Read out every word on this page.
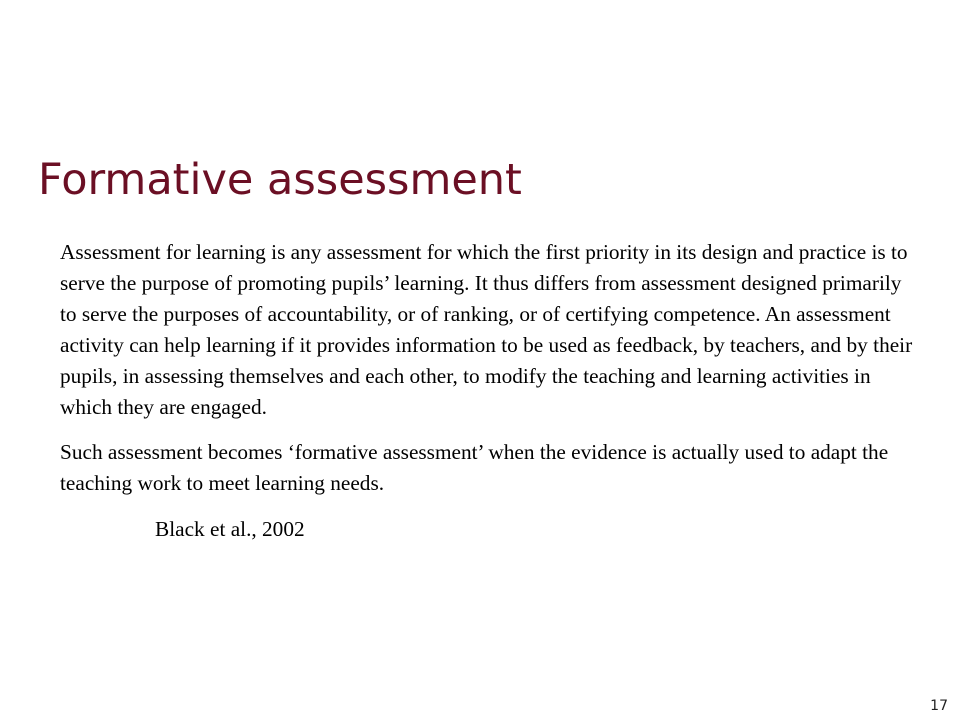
Formative assessment

Assessment for learning is any assessment for which the first priority in its design and practice is to serve the purpose of promoting pupils’ learning. It thus differs from assessment designed primarily to serve the purposes of accountability, or of ranking, or of certifying competence. An assessment activity can help learning if it provides information to be used as feedback, by teachers, and by their pupils, in assessing themselves and each other, to modify the teaching and learning activities in which they are engaged.

Such assessment becomes ‘formative assessment’ when the evidence is actually used to adapt the teaching work to meet learning needs.

Black et al., 2002

17
